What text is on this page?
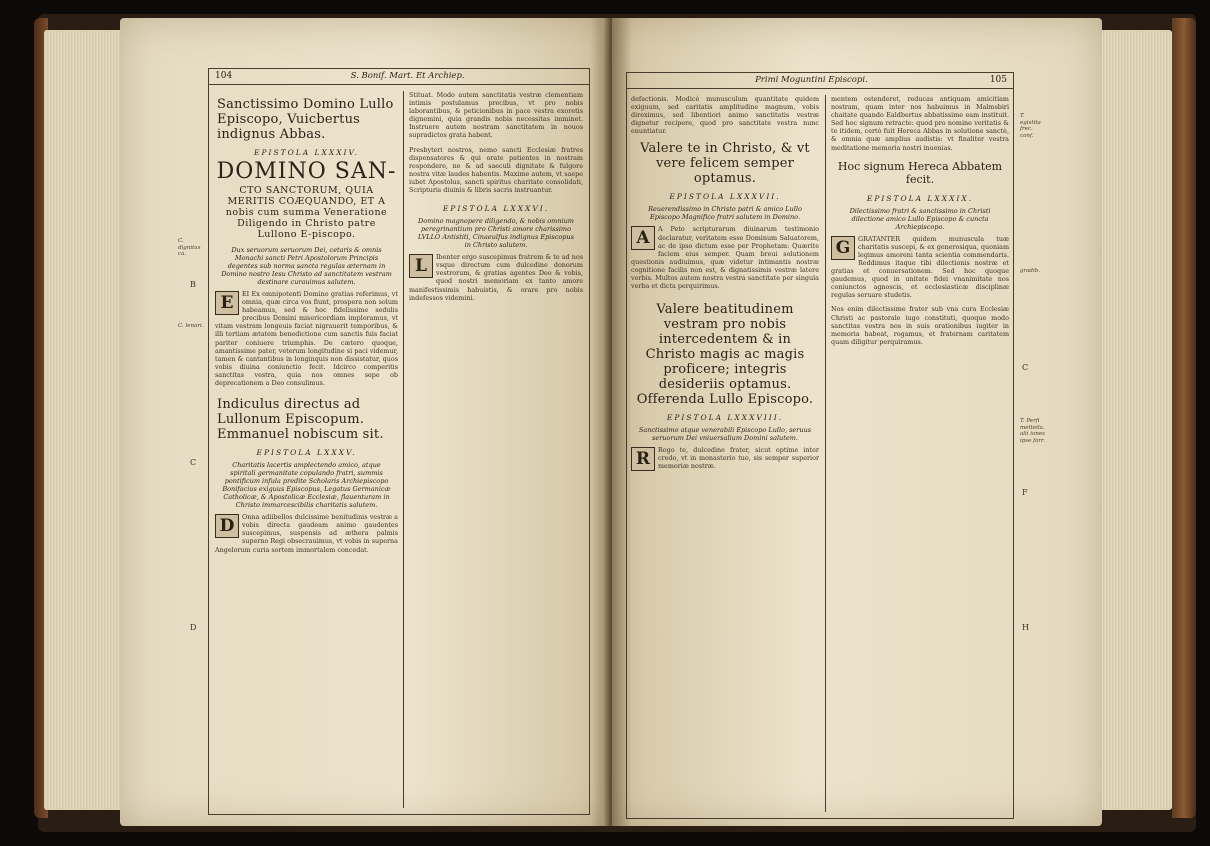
C. dignitas ca.
B
C. lenari.
C
D
104	S. Bonif. Mart. Et Archiep.
Sanctissimo Domino Lullo Episcopo, Vuicbertus indignus Abbas.
EPISTOLA LXXXIV.
DOMINO SAN-
CTO SANCTORUM, QUIA MERITIS COÆQUANDO, ET A nobis cum summa Veneratione Diligendo in Christo patre Lullono E-piscopo.
Dux seruorum seruorum Dei, cetaris & omnis Monachi sancti Petri Apostolorum Principis degentes sub norma sancta regulas æternam in Domino nostro Iesu Christo ad sanctitatem vestram destinare curauimus salutem.
E	EI Ex omnipotenti Domino gratias referimus, vt omnia, quæ circa vos fiunt, prospera non solum habeamus, sed & hoc fidelissime sedulis precibus Domini misericordiam imploramus, vt vitam vestram longeuis faciat nigrauerit temporibus, & illi tertiam ætatem benedictione cum sanctis fuis faciat pariter coniuere triumphis. De cætero quoque, amantissime pater, veterum longitudine si paci videmur, tamen & cantantibus in longinquis non dissistatur, quos vobis diuina coniunctio fecit. Idcirco comperitis sanctitas vestra, quia nos omnes sepe ob deprecationem a Deo consulimus.
Indiculus directus ad Lullonum Episcopum. Emmanuel nobiscum sit.
EPISTOLA LXXXV.
Charitatis lacertis amplectendo amico, atque spiritali germanitate copulando fratri, summis pontificum infula predite Scholaris Archiepiscopo Bonifacius exiguus Episcopus, Legatus Germanicæ Catholicæ, & Apostolicæ Ecclesiæ, flauenturam in Christo immarcescibilis charitatis salutem.
D	Onna adiibellos dulcissime benitudinis vestræ a vobis directa gaudeam animo gaudentes suscepimus, suspensis ad æthera palmis superno Regi obsecrauimus, vt vobis in superna Angelorum curia sortem immortalem concedat.
Stituat. Modo autem sanctitatis vestræ clementiam intimis postulamus precibus, vt pro nobis laborantibus, & peticionibus in pace vestra exoretis dignemini, quia grandis nobis necessitas imminet. Instruere autem nostram sanctitatem in nouos supradictos grata habent.
Presbyteri nostros, nemo sancti Ecclesiæ fratres dispensatores & qui orate patientes in nostram respondere, ne & ad saeculi dignitate & fulgore nostra vitæ laudes habentis. Maxime autem, vt saepe iubet Apostolus, sancti spiritus charitate consolidati, Scripturis diuinis & libris sacris instruantur.
EPISTOLA LXXXVI.
Domino magnopere diligendo, & nobis omnium peregrinantium pro Christi amore charissimo LVLLO Antistiti, Cinaeulfus indignus Episcopus in Christo salutem.
L	Ibenter ergo suscepimus fratrem & te ad nos vsque directum cum dulcedine donorum vestrorum, & gratias agentes Deo & vobis, quod nostri memoriam ex tanto amore manifestissimis habuistis, & orare pro nobis indefessos videmini.
T. egistita frec. conf.
gradib.
T. Perfi metteila. alii iones ipse farr.
C
F
H
Primi Moguntini Episcopi.	105
defactionis. Modicè munusculum quantitate quidem exiguum, sed caritatis amplitudine magnum, vobis direximus, sed libentiori animo sanctitatis vestræ dignetur recipere, quod pro sanctitate vestra nunc enuntiatur.
Valere te in Christo, & vt vere felicem semper optamus.
EPISTOLA LXXXVII.
Reuerendissimo in Christo patri & amico Lullo Episcopo Magnifico fratri salutem in Domino.
A	A Peto scripturarum diuinarum testimonio declaratur, veritatem esse Dominum Saluatorem, ac de ipso dictum esse per Prophetam: Quærite faciem eius semper. Quam breui solutionem questionis audiuimus, quæ videtur intimantis nostræ cognitione facilis non est, & dignatissimis vestræ latere verbis. Multos autem nostra vestra sanctitate per singula verba et dicta perquirimus.
Valere beatitudinem vestram pro nobis intercedentem & in Christo magis ac magis proficere; integris desideriis optamus. Offerenda Lullo Episcopo.
EPISTOLA LXXXVIII.
Sanctissimo atque venerabili Episcopo Lullo, seruus seruorum Dei vniuersalium Domini salutem.
R	Rogo te, dulcedine frater, sicut optime inter credo, vt in monasterio tuo, sis semper superior memoriæ nostræ.
mentem ostenderet, reducas antiquam amicitiam nostram, quam inter nos habuimus in Malmsbiri chaitate quando Ealdbertus abbatissime eam instituit. Sed hoc signum retracte: quod pro nomine veritatis & te itidem, certò fuit Hereca Abbas in solutione sanctè, & omnia quæ amplius audistis: vt finaliter vestra meditatione memoria nostri inuenias.
Hoc signum Hereca Abbatem fecit.
EPISTOLA LXXXIX.
Dilectissimo fratri & sanctissimo in Christi dilectione amico Lullo Episcopo & cuncta Archiepiscopo.
G	GRATANTER quidem munuscula tuæ charitatis suscepi, & ex generosiqua, quoniam legimus amoreni tanta scientia commendaris. Reddimus itaque tibi dilectionis nostræ et gratias et conuersationem. Sed hoc quoque gaudemus, quod in unitate fidei vnanimitate nos coniunctos agnoscis, et ecclesiasticæ disciplinæ regulas seruare studetis.
Nos enim dilectissime frater sub vna cura Ecclesiæ Christi ac pastorale iugo constituti, quoque modo sanctitas vestra nos in suis orationibus iugiter in memoria habeat, rogamus, et fraternam caritatem quam diligitur perquiramus.
